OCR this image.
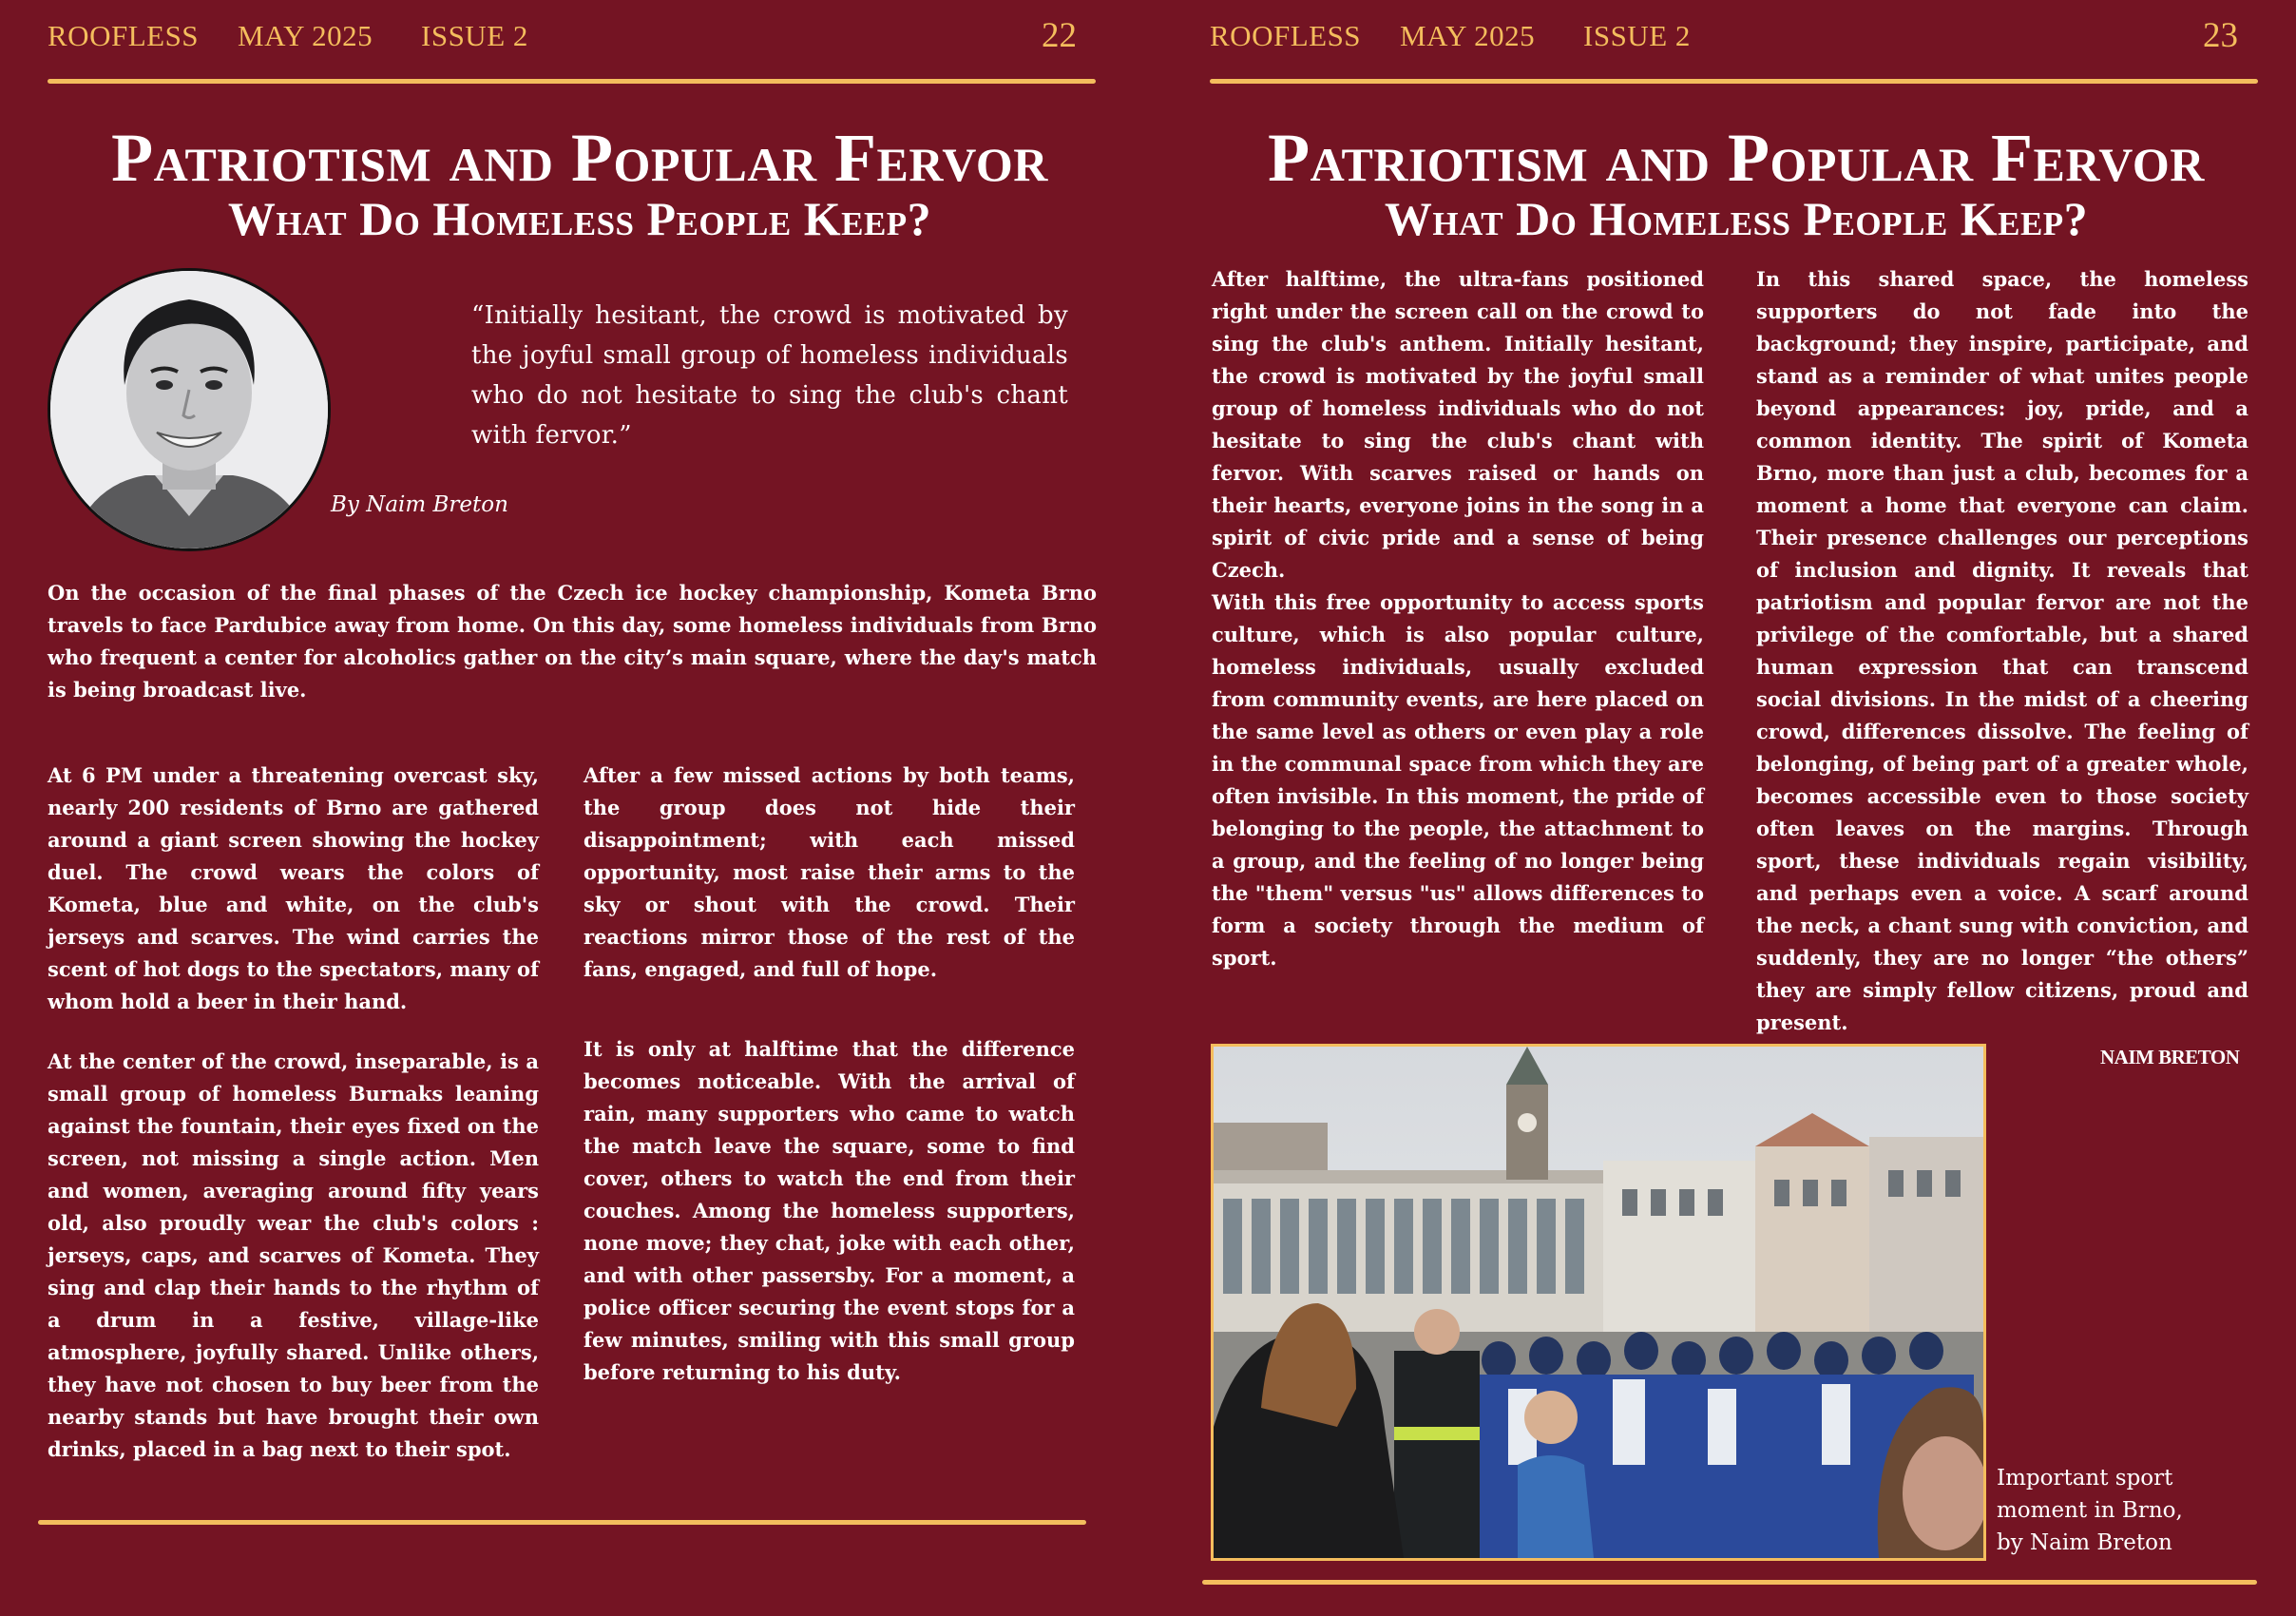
ROOFLESS MAY 2025 ISSUE 2	22
Patriotism and Popular Fervor
What Do Homeless People Keep?
“Initially hesitant, the crowd is motivated by the joyful small group of homeless individuals who do not hesitate to sing the club's chant with fervor.”
By Naim Breton

On the occasion of the final phases of the Czech ice hockey championship, Kometa Brno travels to face Pardubice away from home. On this day, some homeless individuals from Brno who frequent a center for alcoholics gather on the city’s main square, where the day's match is being broadcast live.

At 6 PM under a threatening overcast sky, nearly 200 residents of Brno are gathered around a giant screen showing the hockey duel. The crowd wears the colors of Kometa, blue and white, on the club's jerseys and scarves. The wind carries the scent of hot dogs to the spectators, many of whom hold a beer in their hand.

At the center of the crowd, inseparable, is a small group of homeless Burnaks leaning against the fountain, their eyes fixed on the screen, not missing a single action. Men and women, averaging around fifty years old, also proudly wear the club's colors : jerseys, caps, and scarves of Kometa. They sing and clap their hands to the rhythm of a drum in a festive, village-like atmosphere, joyfully shared. Unlike others, they have not chosen to buy beer from the nearby stands but have brought their own drinks, placed in a bag next to their spot.

After a few missed actions by both teams, the group does not hide their disappointment; with each missed opportunity, most raise their arms to the sky or shout with the crowd. Their reactions mirror those of the rest of the fans, engaged, and full of hope.

It is only at halftime that the difference becomes noticeable. With the arrival of rain, many supporters who came to watch the match leave the square, some to find cover, others to watch the end from their couches. Among the homeless supporters, none move; they chat, joke with each other, and with other passersby. For a moment, a police officer securing the event stops for a few minutes, smiling with this small group before returning to his duty.

ROOFLESS MAY 2025 ISSUE 2	23
Patriotism and Popular Fervor
What Do Homeless People Keep?

After halftime, the ultra-fans positioned right under the screen call on the crowd to sing the club's anthem. Initially hesitant, the crowd is motivated by the joyful small group of homeless individuals who do not hesitate to sing the club's chant with fervor. With scarves raised or hands on their hearts, everyone joins in the song in a spirit of civic pride and a sense of being Czech.

With this free opportunity to access sports culture, which is also popular culture, homeless individuals, usually excluded from community events, are here placed on the same level as others or even play a role in the communal space from which they are often invisible. In this moment, the pride of belonging to the people, the attachment to a group, and the feeling of no longer being the "them" versus "us" allows differences to form a society through the medium of sport.

In this shared space, the homeless supporters do not fade into the background; they inspire, participate, and stand as a reminder of what unites people beyond appearances: joy, pride, and a common identity. The spirit of Kometa Brno, more than just a club, becomes for a moment a home that everyone can claim. Their presence challenges our perceptions of inclusion and dignity. It reveals that patriotism and popular fervor are not the privilege of the comfortable, but a shared human expression that can transcend social divisions. In the midst of a cheering crowd, differences dissolve. The feeling of belonging, of being part of a greater whole, becomes accessible even to those society often leaves on the margins. Through sport, these individuals regain visibility, and perhaps even a voice. A scarf around the neck, a chant sung with conviction, and suddenly, they are no longer “the others” they are simply fellow citizens, proud and present.

NAIM BRETON
Important sport moment in Brno, by Naim Breton
